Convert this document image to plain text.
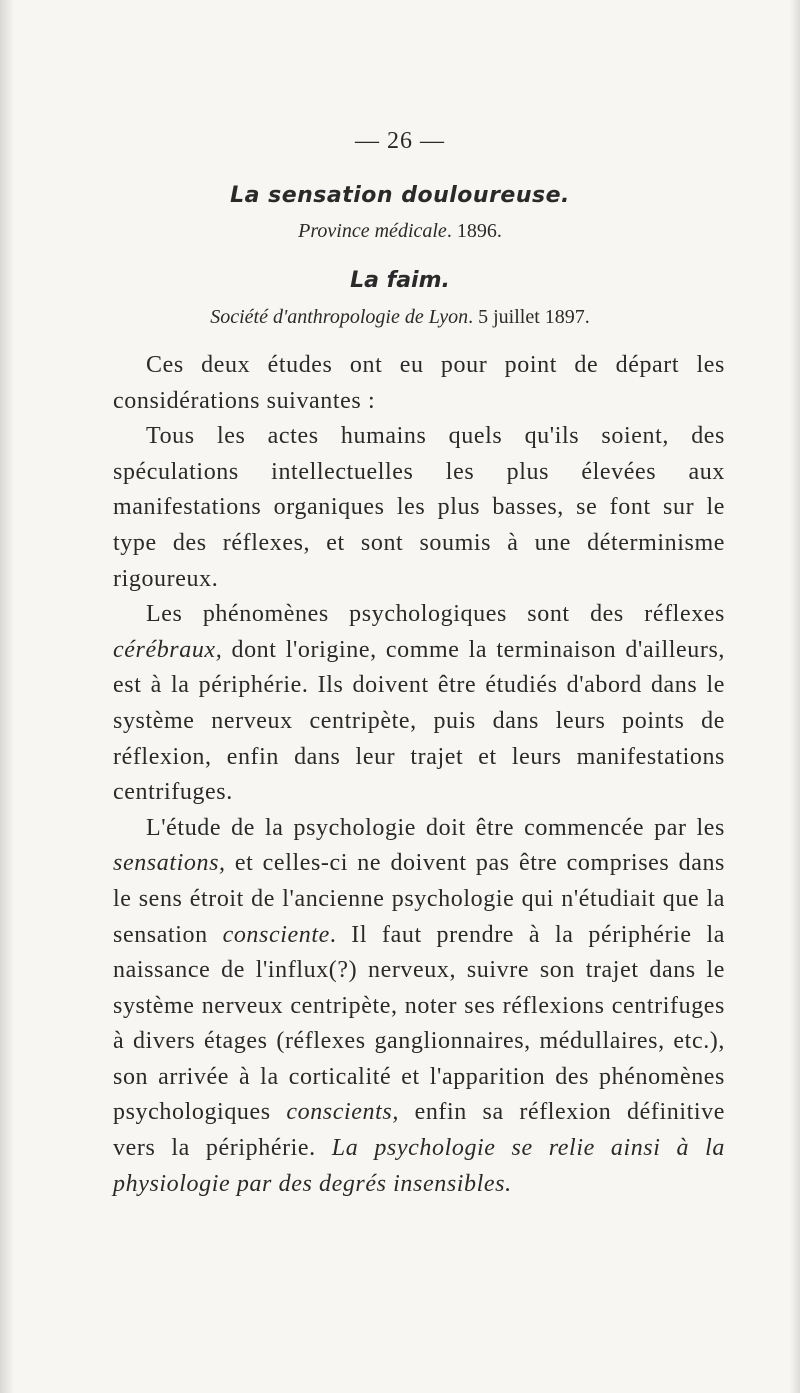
— 26 —
La sensation douloureuse.
Province médicale. 1896.
La faim.
Société d'anthropologie de Lyon. 5 juillet 1897.

Ces deux études ont eu pour point de départ les considérations suivantes :

Tous les actes humains quels qu'ils soient, des spéculations intellectuelles les plus élevées aux manifestations organiques les plus basses, se font sur le type des réflexes, et sont soumis à une déterminisme rigoureux.

Les phénomènes psychologiques sont des réflexes cérébraux, dont l'origine, comme la terminaison d'ailleurs, est à la périphérie. Ils doivent être étudiés d'abord dans le système nerveux centripète, puis dans leurs points de réflexion, enfin dans leur trajet et leurs manifestations centrifuges.

L'étude de la psychologie doit être commencée par les sensations, et celles-ci ne doivent pas être comprises dans le sens étroit de l'ancienne psychologie qui n'étudiait que la sensation consciente. Il faut prendre à la périphérie la naissance de l'influx(?) nerveux, suivre son trajet dans le système nerveux centripète, noter ses réflexions centrifuges à divers étages (réflexes ganglionnaires, médullaires, etc.), son arrivée à la corticalité et l'apparition des phénomènes psychologiques conscients, enfin sa réflexion définitive vers la périphérie. La psychologie se relie ainsi à la physiologie par des degrés insensibles.
